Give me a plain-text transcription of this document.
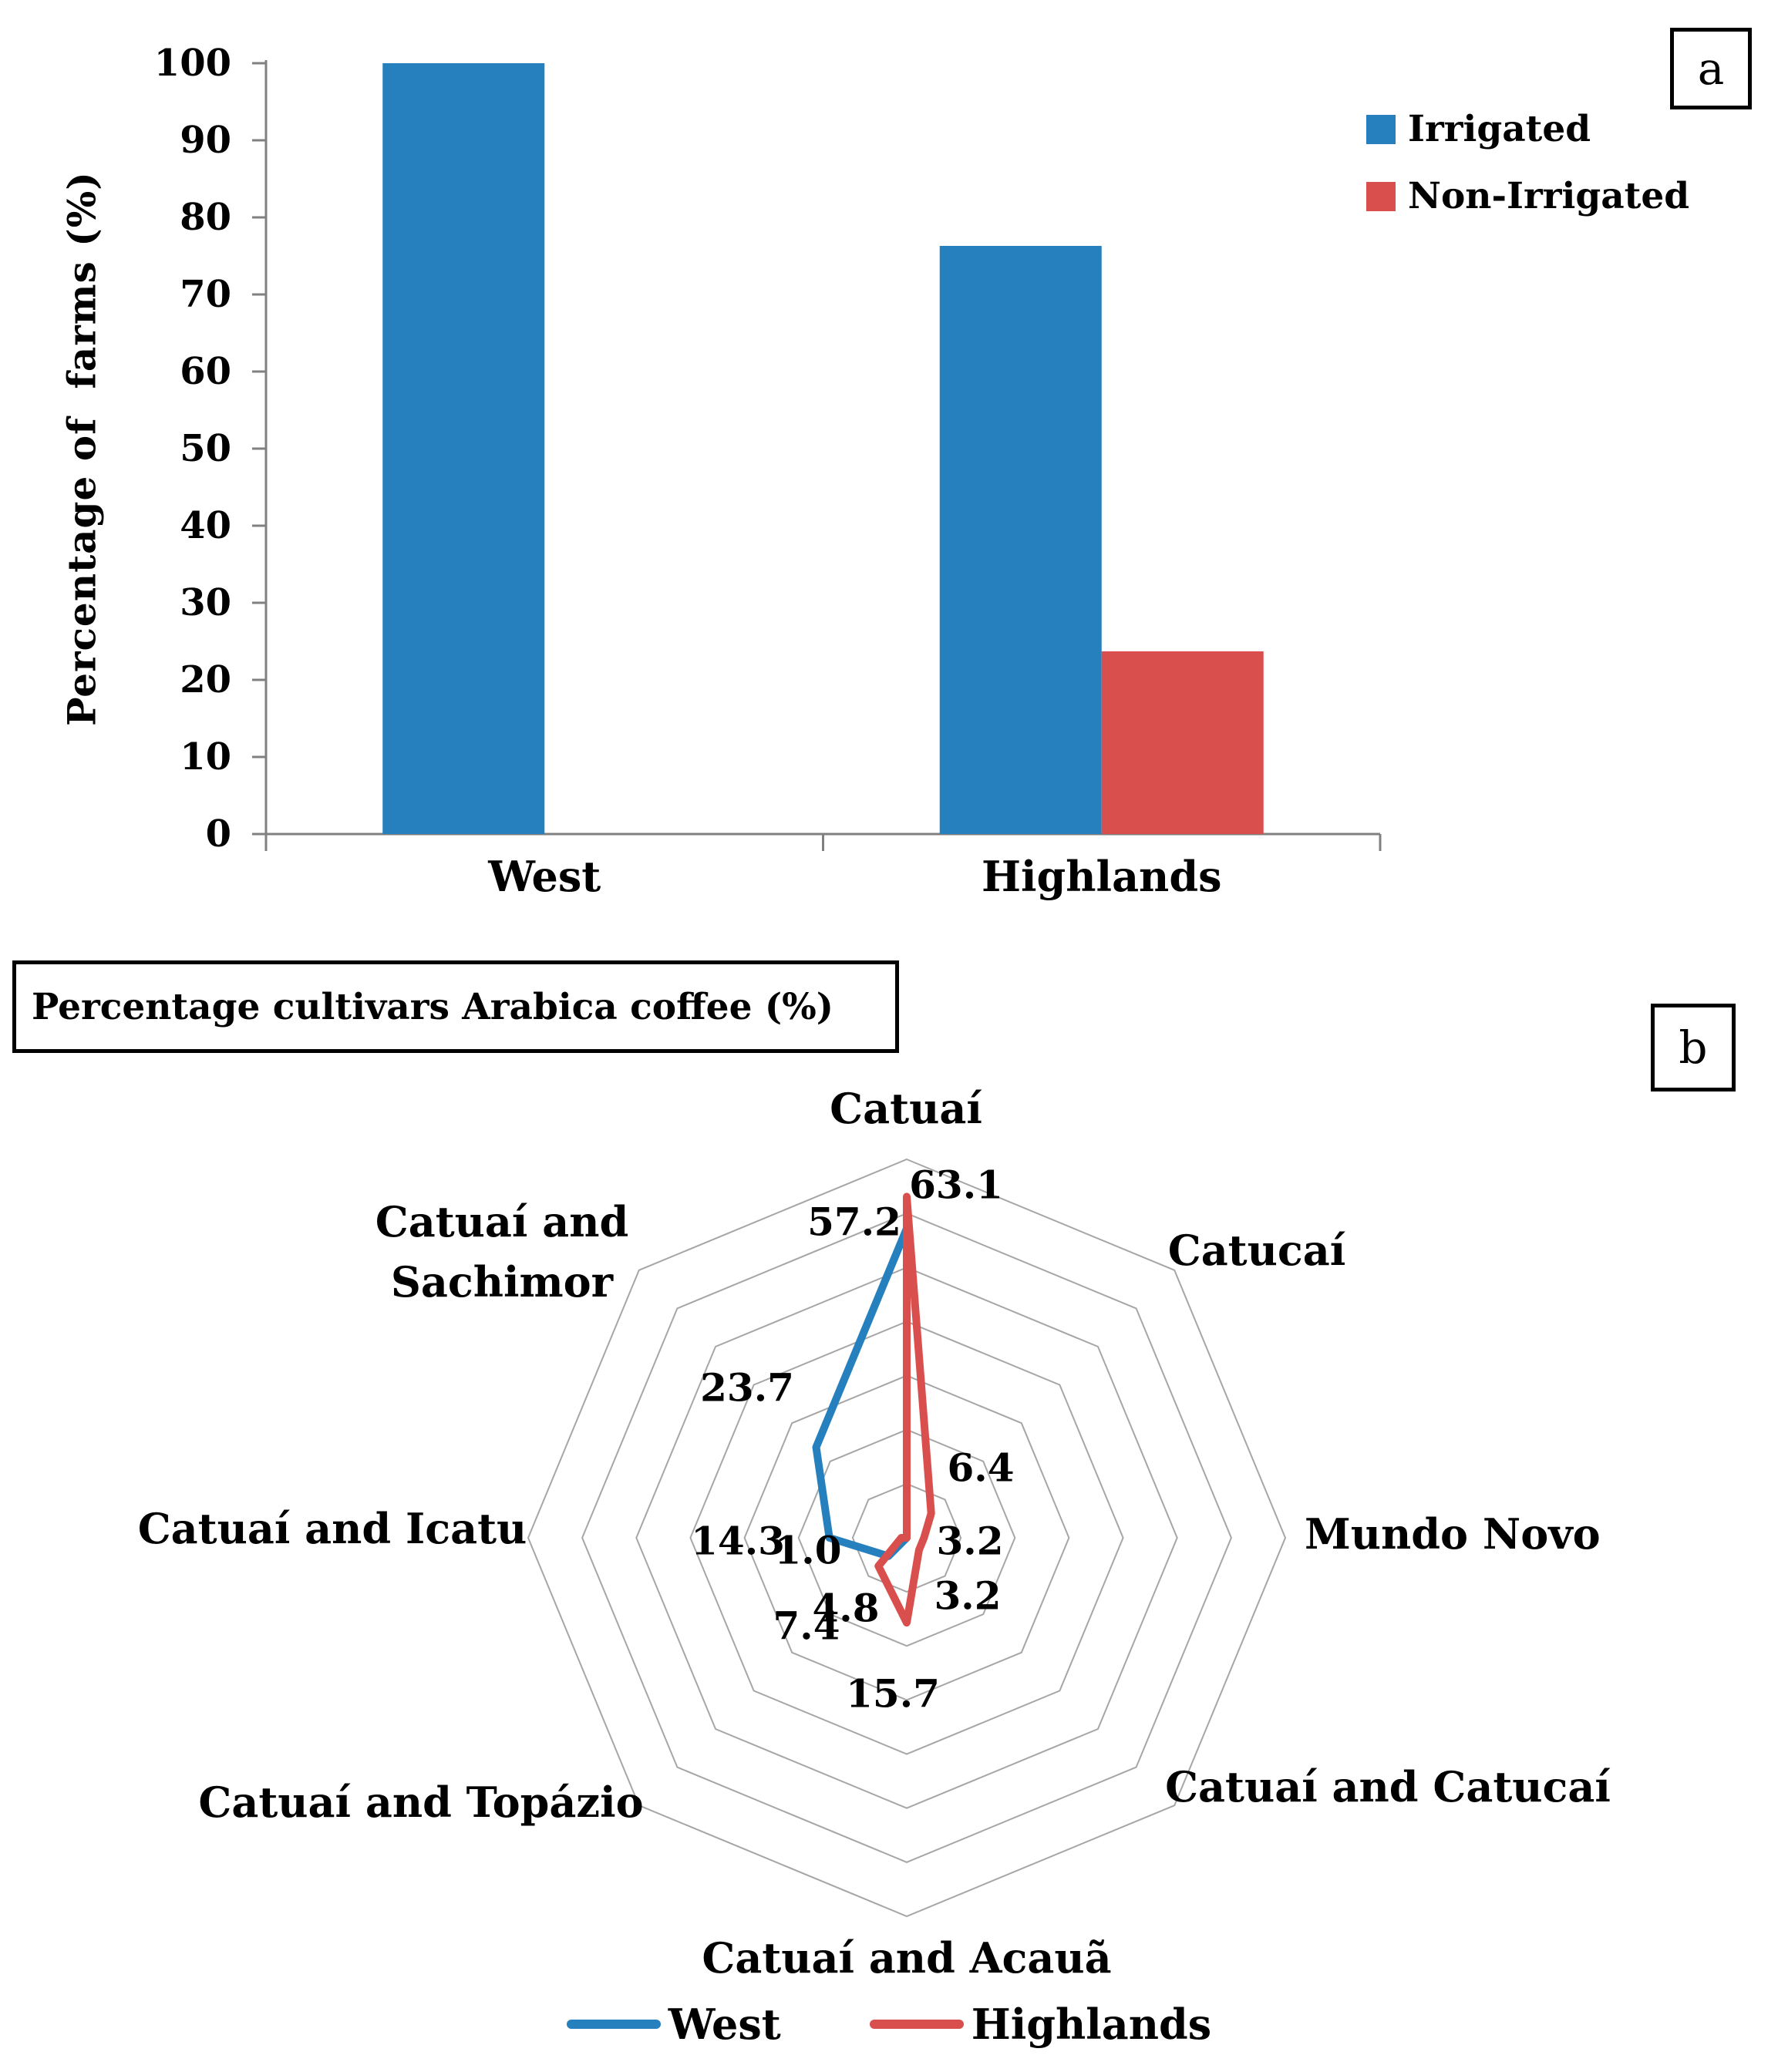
0
10
20
30
40
50
60
70
80
90
100
West	Highlands
Percentage of  farms (%)
Irrigated
Non-Irrigated
a
Percentage cultivars Arabica coffee (%)
b
Catuaí
Catucaí
Mundo Novo
Catuaí and Catucaí
Catuaí and Acauã
Catuaí and Topázio
Catuaí and Icatu
Catuaí and
Sachimor
57.2
4.8
14.3
23.7
63.1
6.4
3.2
3.2
15.7
7.4
1.0
West	Highlands
